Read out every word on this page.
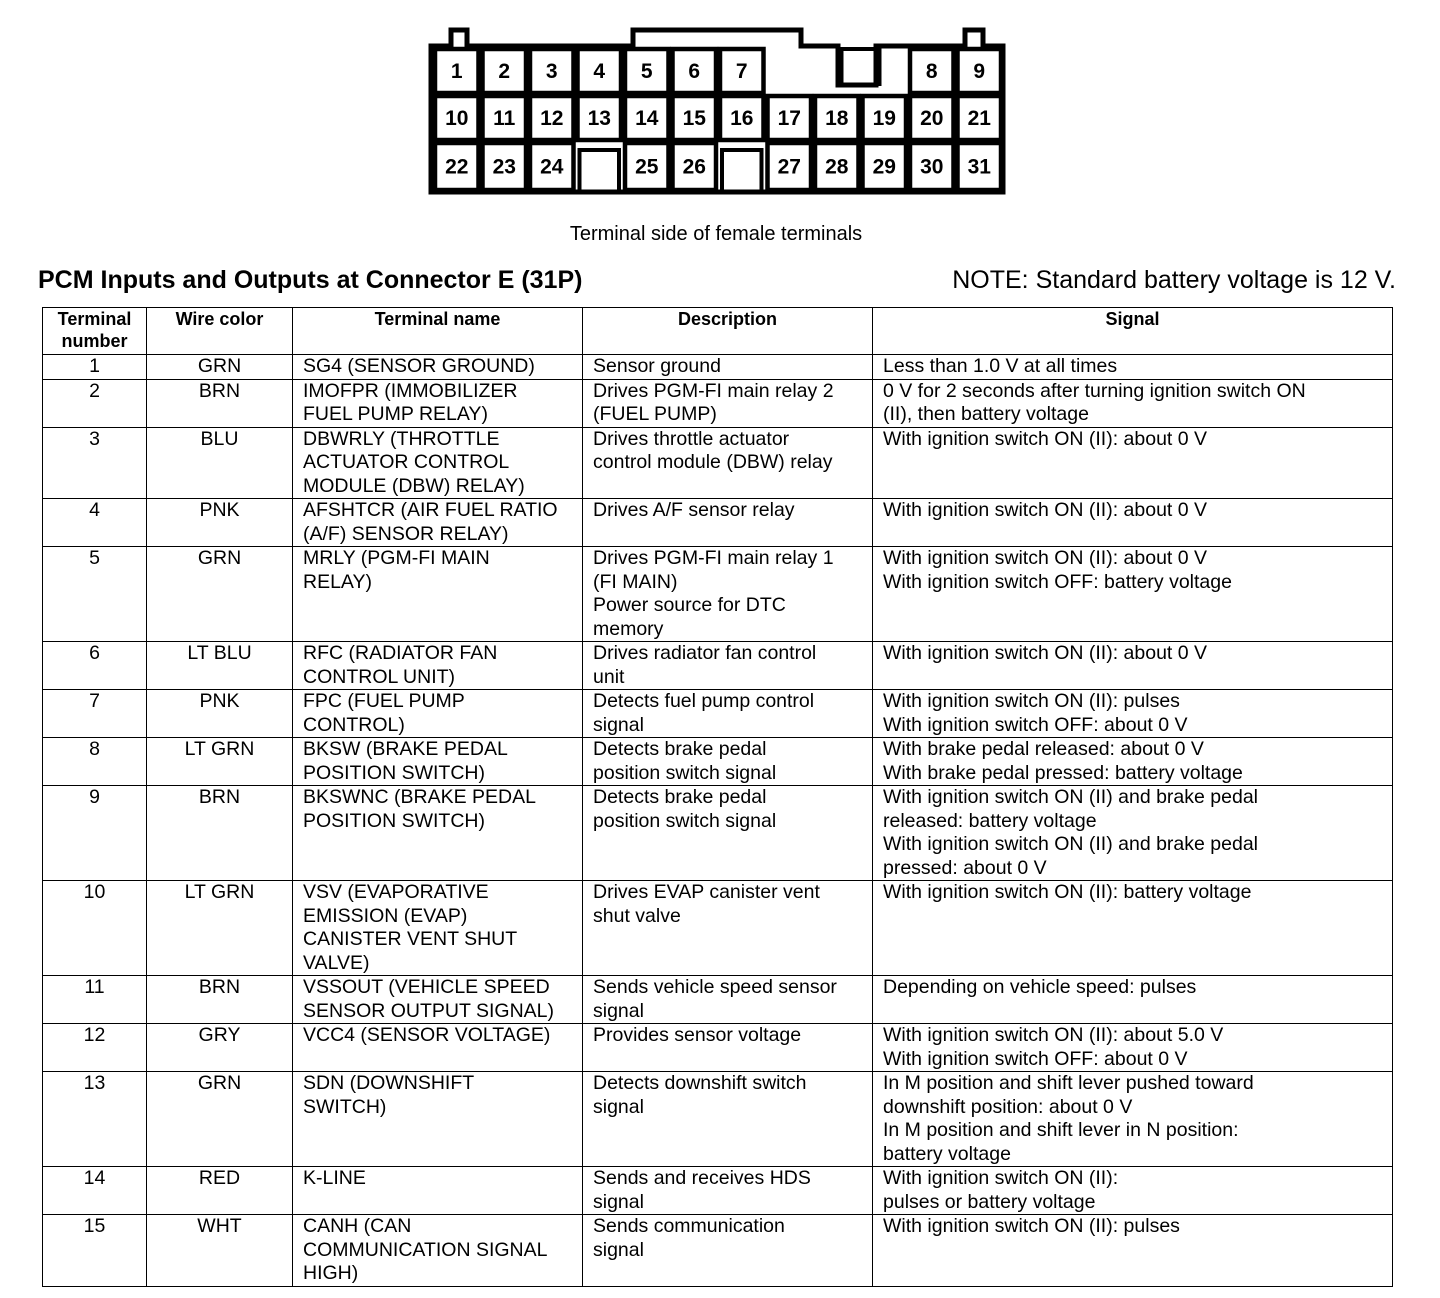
1 2 3 4 5 6 7	8 9
10 11 12 13 14 15 16 17 18 19 20 21
22 23 24	25 26	27 28 29 30 31
Terminal side of female terminals
PCM Inputs and Outputs at Connector E (31P)	NOTE: Standard battery voltage is 12 V.
Terminal
number	Wire color	Terminal name	Description	Signal
1	GRN	SG4 (SENSOR GROUND)	Sensor ground	Less than 1.0 V at all times

2	BRN	IMOFPR (IMMOBILIZER
FUEL PUMP RELAY)	Drives PGM-FI main relay 2
(FUEL PUMP)	0 V for 2 seconds after turning ignition switch ON
(II), then battery voltage

3	BLU	DBWRLY (THROTTLE
ACTUATOR CONTROL
MODULE (DBW) RELAY)	Drives throttle actuator
control module (DBW) relay	With ignition switch ON (II): about 0 V

4	PNK	AFSHTCR (AIR FUEL RATIO
(A/F) SENSOR RELAY)	Drives A/F sensor relay	With ignition switch ON (II): about 0 V

5	GRN	MRLY (PGM-FI MAIN
RELAY)	Drives PGM-FI main relay 1
(FI MAIN)
Power source for DTC
memory	With ignition switch ON (II): about 0 V
With ignition switch OFF: battery voltage

6	LT BLU	RFC (RADIATOR FAN
CONTROL UNIT)	Drives radiator fan control
unit	With ignition switch ON (II): about 0 V

7	PNK	FPC (FUEL PUMP
CONTROL)	Detects fuel pump control
signal	With ignition switch ON (II): pulses
With ignition switch OFF: about 0 V

8	LT GRN	BKSW (BRAKE PEDAL
POSITION SWITCH)	Detects brake pedal
position switch signal	With brake pedal released: about 0 V
With brake pedal pressed: battery voltage

9	BRN	BKSWNC (BRAKE PEDAL
POSITION SWITCH)	Detects brake pedal
position switch signal	With ignition switch ON (II) and brake pedal
released: battery voltage
With ignition switch ON (II) and brake pedal
pressed: about 0 V

10	LT GRN	VSV (EVAPORATIVE
EMISSION (EVAP)
CANISTER VENT SHUT
VALVE)	Drives EVAP canister vent
shut valve	With ignition switch ON (II): battery voltage

11	BRN	VSSOUT (VEHICLE SPEED
SENSOR OUTPUT SIGNAL)	Sends vehicle speed sensor
signal	Depending on vehicle speed: pulses

12	GRY	VCC4 (SENSOR VOLTAGE)	Provides sensor voltage	With ignition switch ON (II): about 5.0 V
With ignition switch OFF: about 0 V

13	GRN	SDN (DOWNSHIFT
SWITCH)	Detects downshift switch
signal	In M position and shift lever pushed toward
downshift position: about 0 V
In M position and shift lever in N position:
battery voltage

14	RED	K-LINE	Sends and receives HDS
signal	With ignition switch ON (II):
pulses or battery voltage

15	WHT	CANH (CAN
COMMUNICATION SIGNAL
HIGH)	Sends communication
signal	With ignition switch ON (II): pulses
